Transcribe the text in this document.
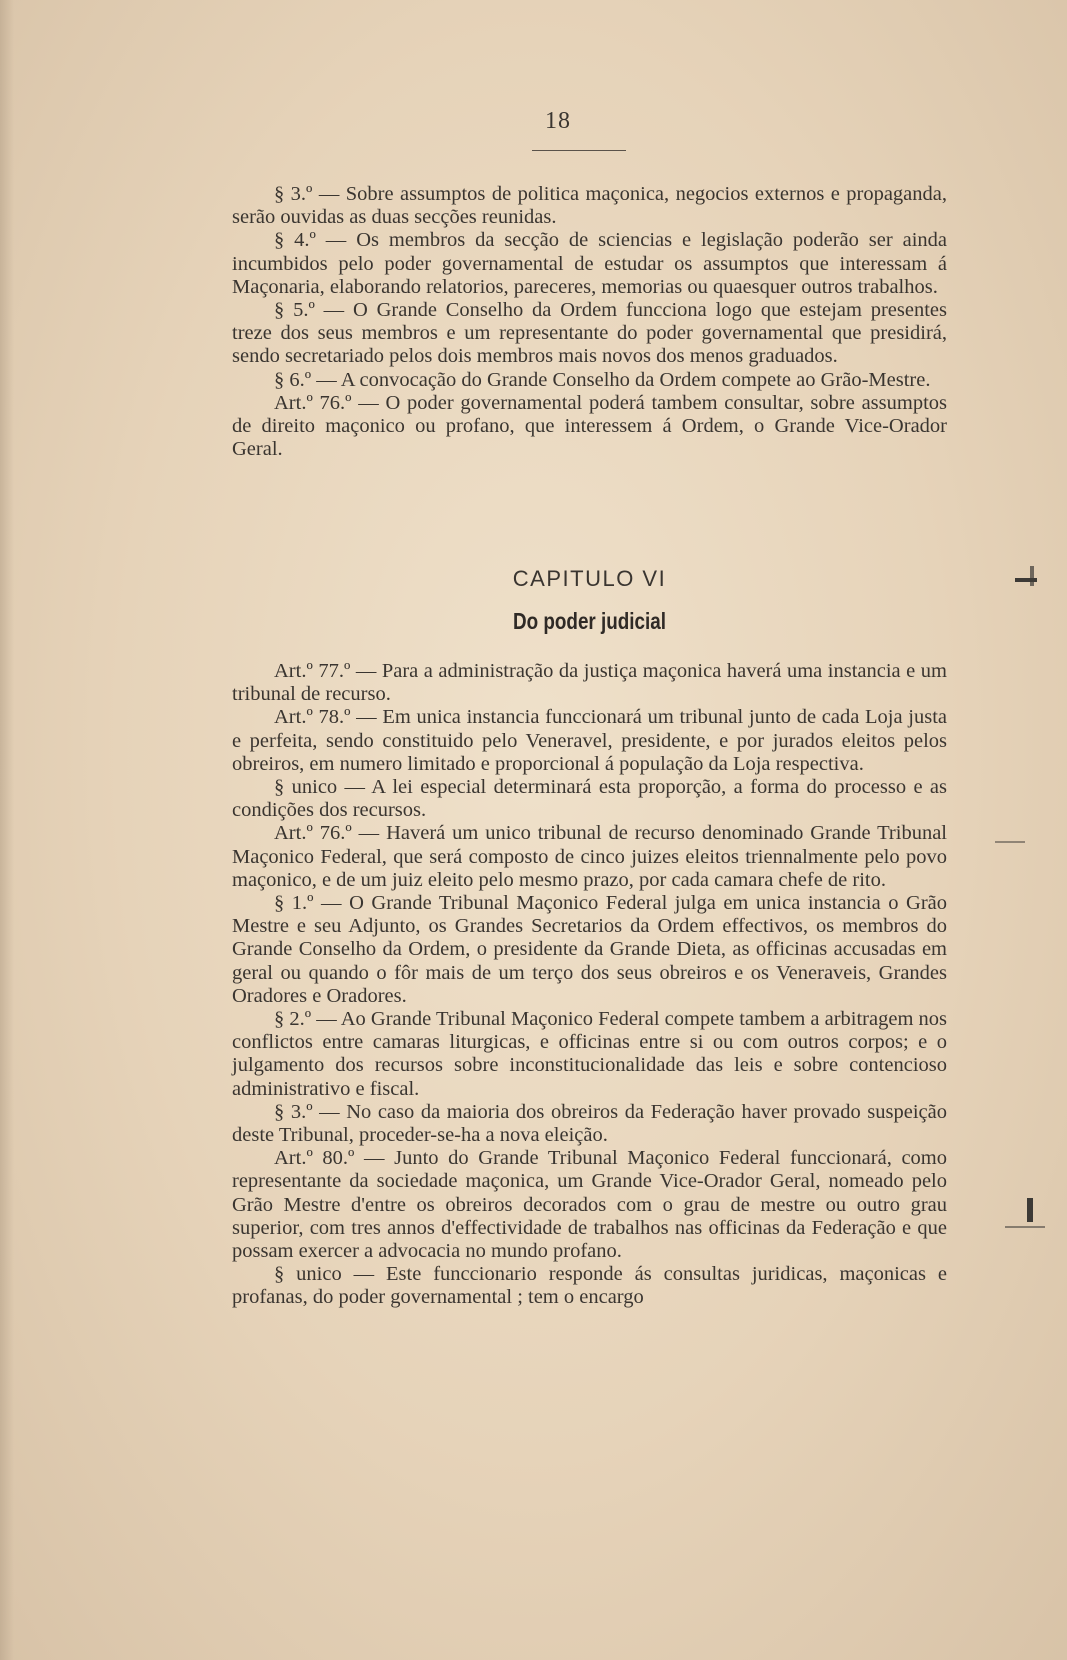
18

§ 3.º — Sobre assumptos de politica maçonica, negocios externos e propaganda, serão ouvidas as duas secções reunidas.

§ 4.º — Os membros da secção de sciencias e legislação poderão ser ainda incumbidos pelo poder governamental de estudar os assumptos que interessam á Maçonaria, elaborando relatorios, pareceres, memorias ou quaesquer outros trabalhos.

§ 5.º — O Grande Conselho da Ordem funcciona logo que estejam presentes treze dos seus membros e um representante do poder governamental que presidirá, sendo secretariado pelos dois membros mais novos dos menos graduados.

§ 6.º — A convocação do Grande Conselho da Ordem compete ao Grão-Mestre.

Art.º 76.º — O poder governamental poderá tambem consultar, sobre assumptos de direito maçonico ou profano, que interessem á Ordem, o Grande Vice-Orador Geral.

CAPITULO VI
Do poder judicial

Art.º 77.º — Para a administração da justiça maçonica haverá uma instancia e um tribunal de recurso.

Art.º 78.º — Em unica instancia funccionará um tribunal junto de cada Loja justa e perfeita, sendo constituido pelo Veneravel, presidente, e por jurados eleitos pelos obreiros, em numero limitado e proporcional á população da Loja respectiva.

§ unico — A lei especial determinará esta proporção, a forma do processo e as condições dos recursos.

Art.º 76.º — Haverá um unico tribunal de recurso denominado Grande Tribunal Maçonico Federal, que será composto de cinco juizes eleitos triennalmente pelo povo maçonico, e de um juiz eleito pelo mesmo prazo, por cada camara chefe de rito.

§ 1.º — O Grande Tribunal Maçonico Federal julga em unica instancia o Grão Mestre e seu Adjunto, os Grandes Secretarios da Ordem effectivos, os membros do Grande Conselho da Ordem, o presidente da Grande Dieta, as officinas accusadas em geral ou quando o fôr mais de um terço dos seus obreiros e os Veneraveis, Grandes Oradores e Oradores.

§ 2.º — Ao Grande Tribunal Maçonico Federal compete tambem a arbitragem nos conflictos entre camaras liturgicas, e officinas entre si ou com outros corpos; e o julgamento dos recursos sobre inconstitucionalidade das leis e sobre contencioso administrativo e fiscal.

§ 3.º — No caso da maioria dos obreiros da Federação haver provado suspeição deste Tribunal, proceder-se-ha a nova eleição.

Art.º 80.º — Junto do Grande Tribunal Maçonico Federal funccionará, como representante da sociedade maçonica, um Grande Vice-Orador Geral, nomeado pelo Grão Mestre d'entre os obreiros decorados com o grau de mestre ou outro grau superior, com tres annos d'effectividade de trabalhos nas officinas da Federação e que possam exercer a advocacia no mundo profano.

§ unico — Este funccionario responde ás consultas juridicas, maçonicas e profanas, do poder governamental ; tem o encargo
